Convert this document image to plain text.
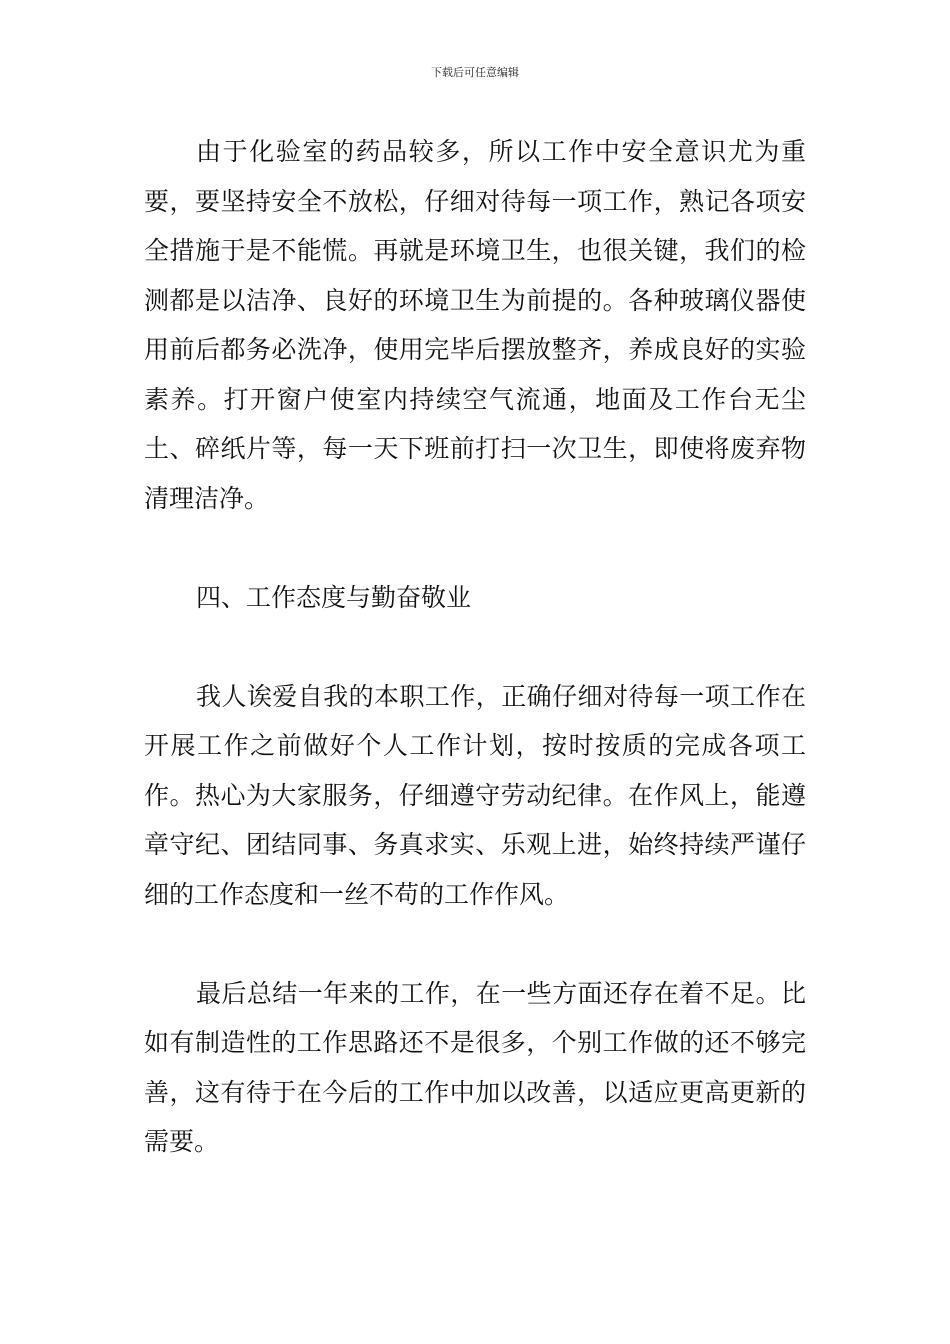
下载后可任意编辑

由于化验室的药品较多，所以工作中安全意识尤为重要，要坚持安全不放松，仔细对待每一项工作，熟记各项安全措施于是不能慌。再就是环境卫生，也很关键，我们的检测都是以洁净、良好的环境卫生为前提的。各种玻璃仪器使用前后都务必洗净，使用完毕后摆放整齐，养成良好的实验素养。打开窗户使室内持续空气流通，地面及工作台无尘土、碎纸片等，每一天下班前打扫一次卫生，即使将废弃物清理洁净。

四、工作态度与勤奋敬业

我人诶爱自我的本职工作，正确仔细对待每一项工作在开展工作之前做好个人工作计划，按时按质的完成各项工作。热心为大家服务，仔细遵守劳动纪律。在作风上，能遵章守纪、团结同事、务真求实、乐观上进，始终持续严谨仔细的工作态度和一丝不苟的工作作风。

最后总结一年来的工作，在一些方面还存在着不足。比如有制造性的工作思路还不是很多，个别工作做的还不够完善，这有待于在今后的工作中加以改善，以适应更高更新的需要。
